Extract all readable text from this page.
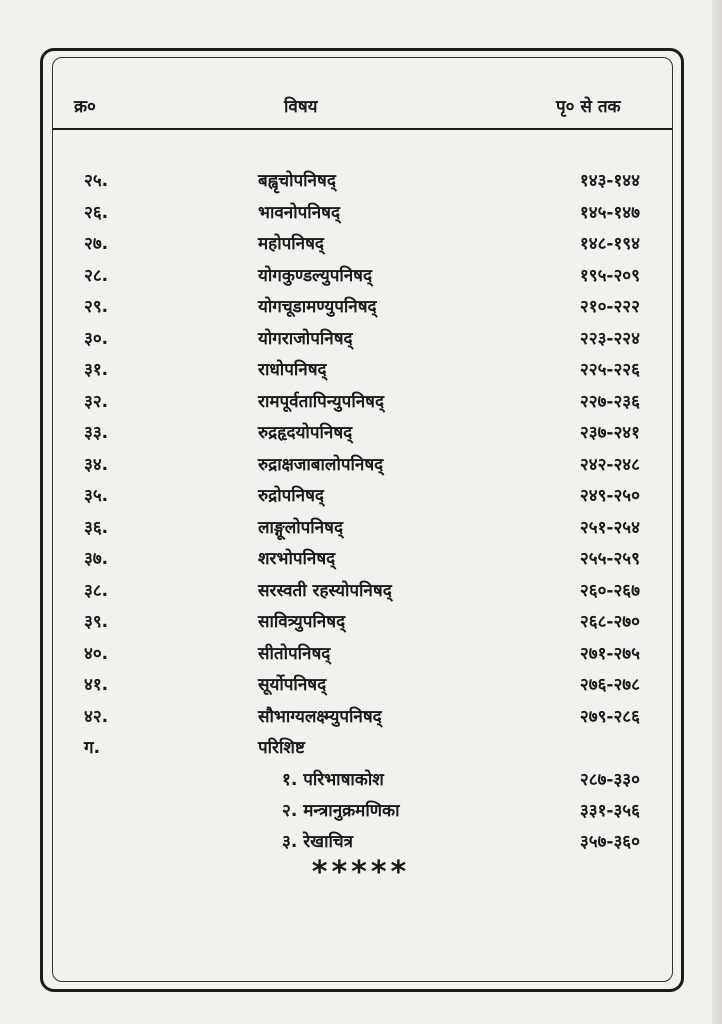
क्र०	विषय	पृ० से तक
२५.	बह्वृचोपनिषद्	१४३-१४४
२६.	भावनोपनिषद्	१४५-१४७
२७.	महोपनिषद्	१४८-१९४
२८.	योगकुण्डल्युपनिषद्	१९५-२०९
२९.	योगचूडामण्युपनिषद्	२१०-२२२
३०.	योगराजोपनिषद्	२२३-२२४
३१.	राधोपनिषद्	२२५-२२६
३२.	रामपूर्वतापिन्युपनिषद्	२२७-२३६
३३.	रुद्रहृदयोपनिषद्	२३७-२४१
३४.	रुद्राक्षजाबालोपनिषद्	२४२-२४८
३५.	रुद्रोपनिषद्	२४९-२५०
३६.	लाङ्गूलोपनिषद्	२५१-२५४
३७.	शरभोपनिषद्	२५५-२५९
३८.	सरस्वती रहस्योपनिषद्	२६०-२६७
३९.	सावित्र्युपनिषद्	२६८-२७०
४०.	सीतोपनिषद्	२७१-२७५
४१.	सूर्योपनिषद्	२७६-२७८
४२.	सौभाग्यलक्ष्म्युपनिषद्	२७९-२८६
ग.	परिशिष्ट
१. परिभाषाकोश	२८७-३३०
२. मन्त्रानुक्रमणिका	३३१-३५६
३. रेखाचित्र	३५७-३६०
*****
